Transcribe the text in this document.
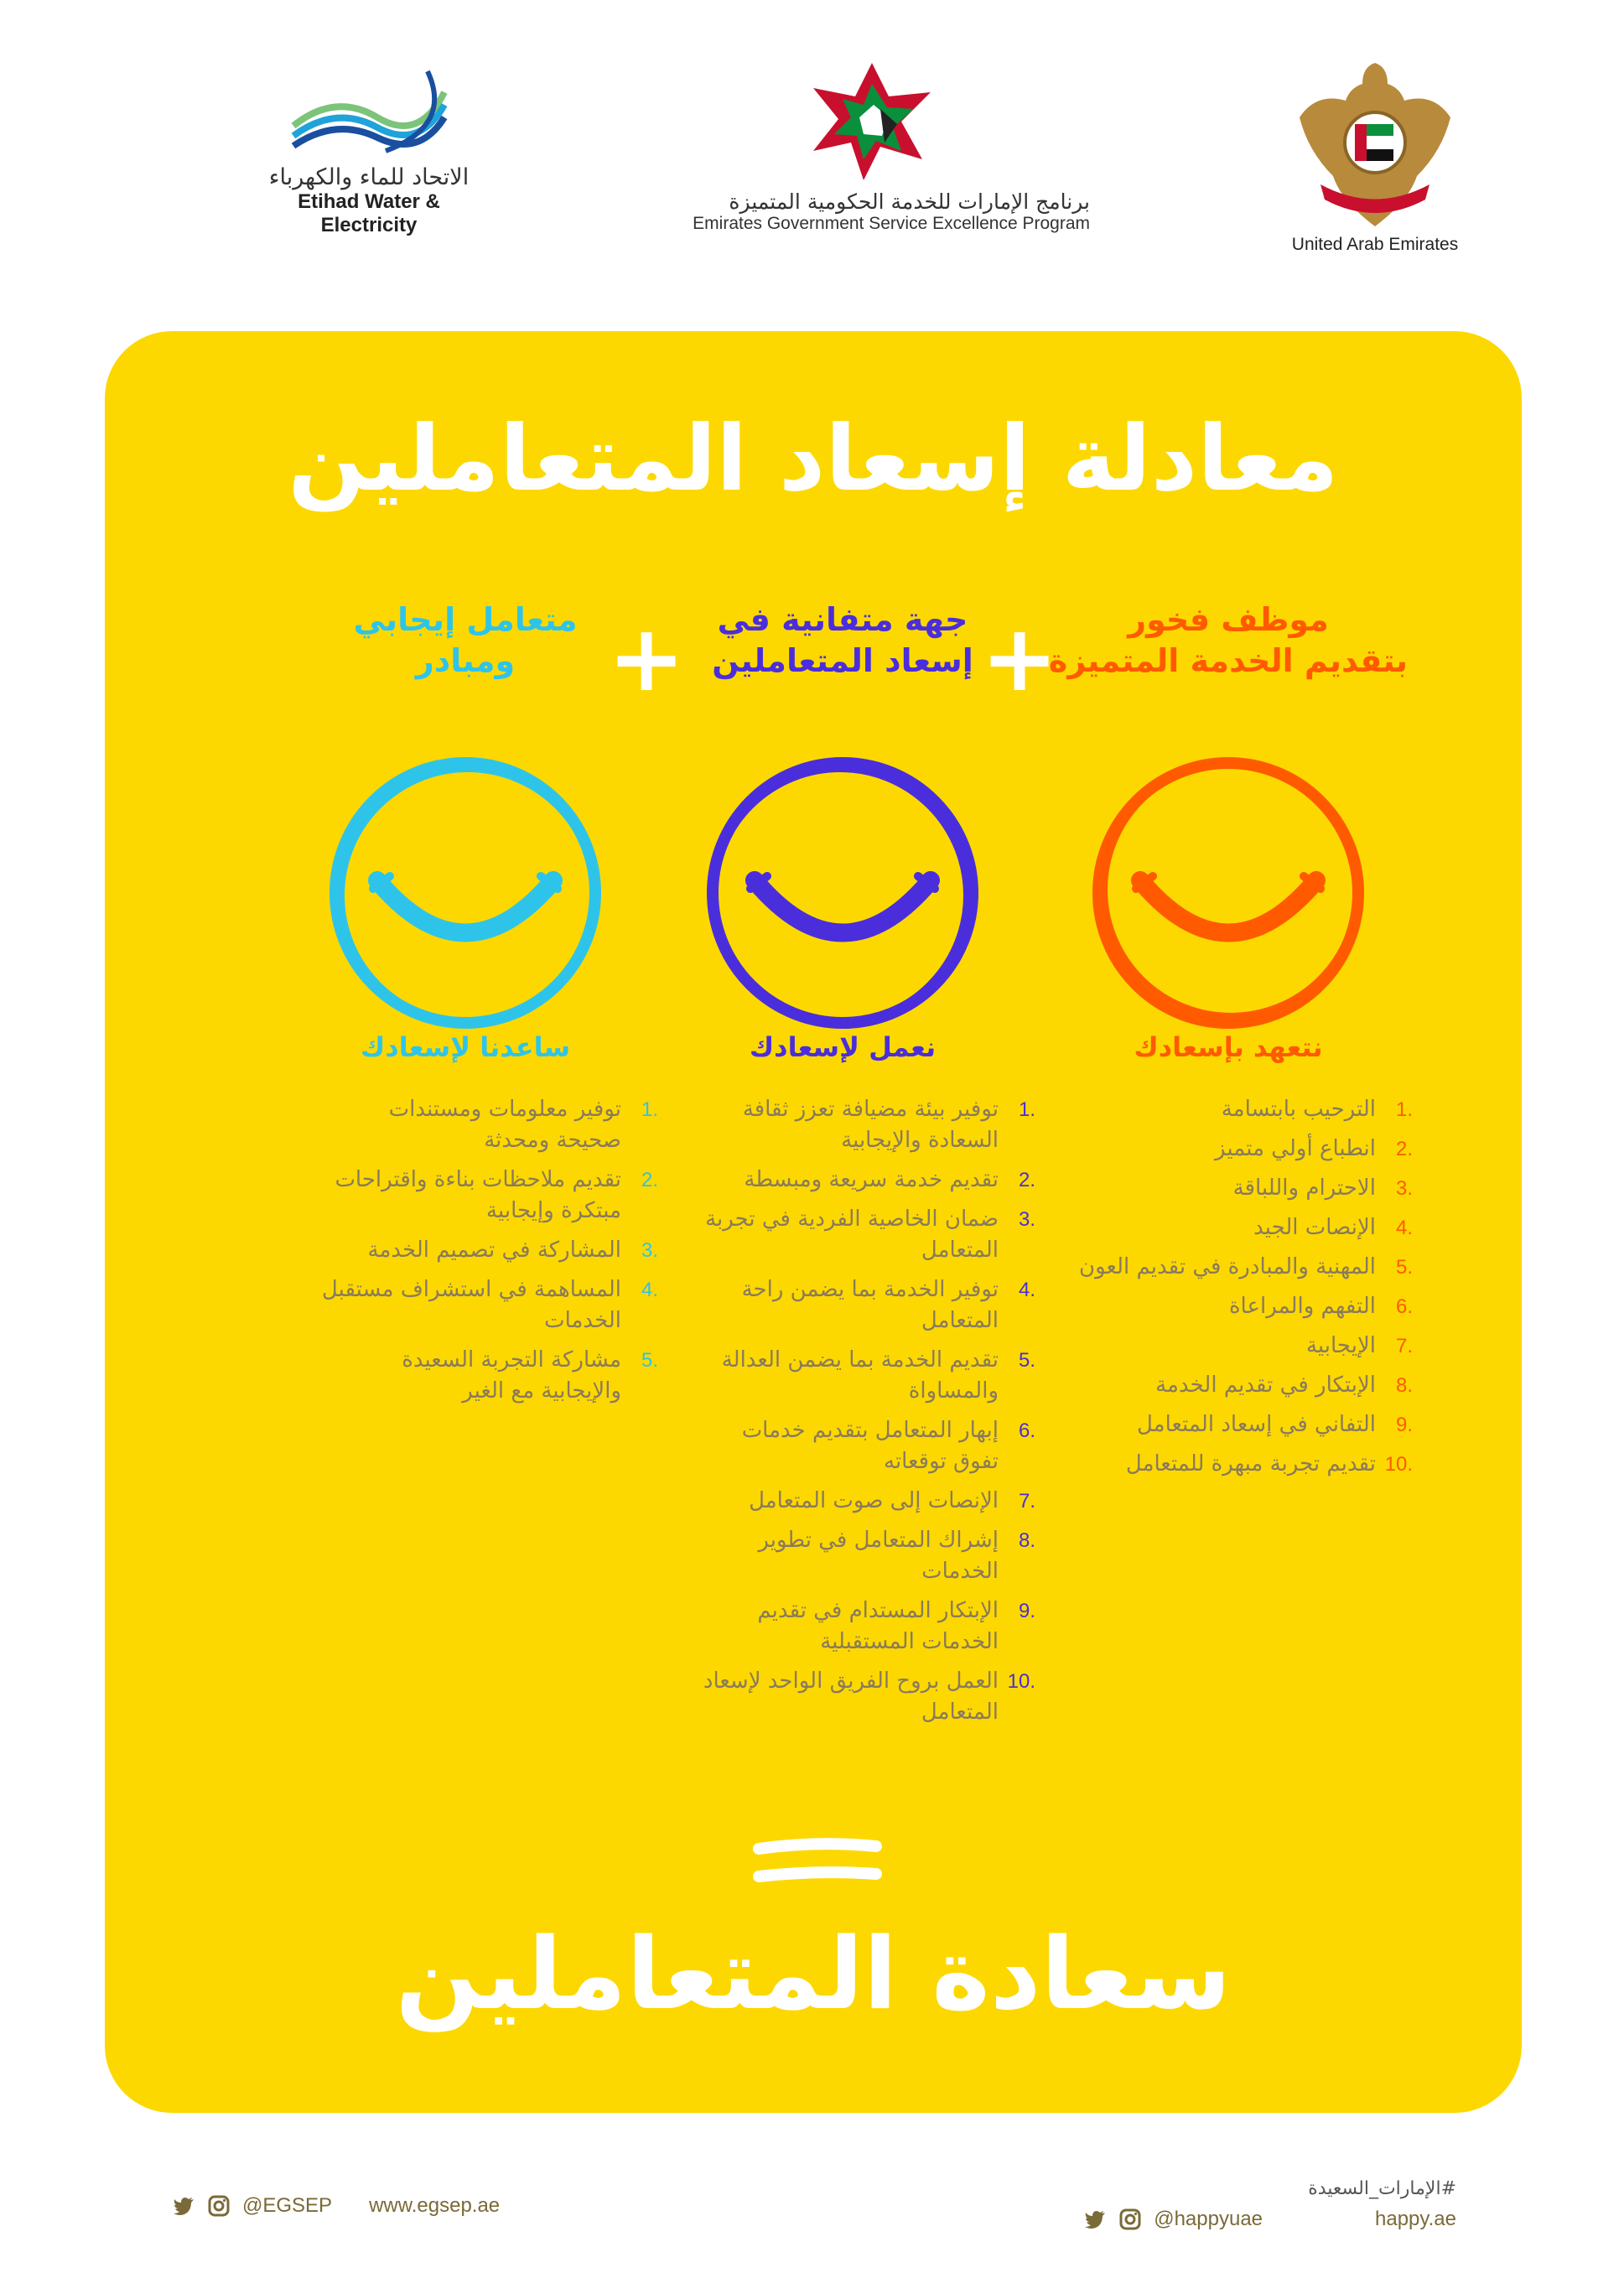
الاتحاد للماء والكهرباء
Etihad Water & Electricity
برنامج الإمارات للخدمة الحكومية المتميزة
Emirates Government Service Excellence Program
United Arab Emirates
معادلة إسعاد المتعاملين
+
+	موظف فخور
بتقديم الخدمة المتميزة
نتعهد بإسعادك
.1
الترحيب بابتسامة
.2
انطباع أولي متميز
.3
الاحترام واللباقة
.4
الإنصات الجيد
.5
المهنية والمبادرة في تقديم العون
.6
التفهم والمراعاة
.7
الإيجابية
.8
الإبتكار في تقديم الخدمة
.9
التفاني في إسعاد المتعامل
.10
تقديم تجربة مبهرة للمتعامل
جهة متفانية في
إسعاد المتعاملين
نعمل لإسعادك
.1
توفير بيئة مضيافة تعزز ثقافة السعادة والإيجابية
.2
تقديم خدمة سريعة ومبسطة
.3
ضمان الخاصية الفردية في تجربة المتعامل
.4
توفير الخدمة بما يضمن راحة المتعامل
.5
تقديم الخدمة بما يضمن العدالة والمساواة
.6
إبهار المتعامل بتقديم خدمات تفوق توقعاته
.7
الإنصات إلى صوت المتعامل
.8
إشراك المتعامل في تطوير الخدمات
.9
الإبتكار المستدام في تقديم الخدمات المستقبلية
.10
العمل بروح الفريق الواحد لإسعاد المتعامل
متعامل إيجابي
ومبادر
ساعدنا لإسعادك
.1
توفير معلومات ومستندات صحيحة ومحدثة
.2
تقديم ملاحظات بناءة واقتراحات مبتكرة وإيجابية
.3
المشاركة في تصميم الخدمة
.4
المساهمة في استشراف مستقبل الخدمات
.5
مشاركة التجربة السعيدة والإيجابية مع الغير
سعادة المتعاملين
@EGSEP www.egsep.ae
#الإمارات_السعيدة
@happyuae	happy.ae
